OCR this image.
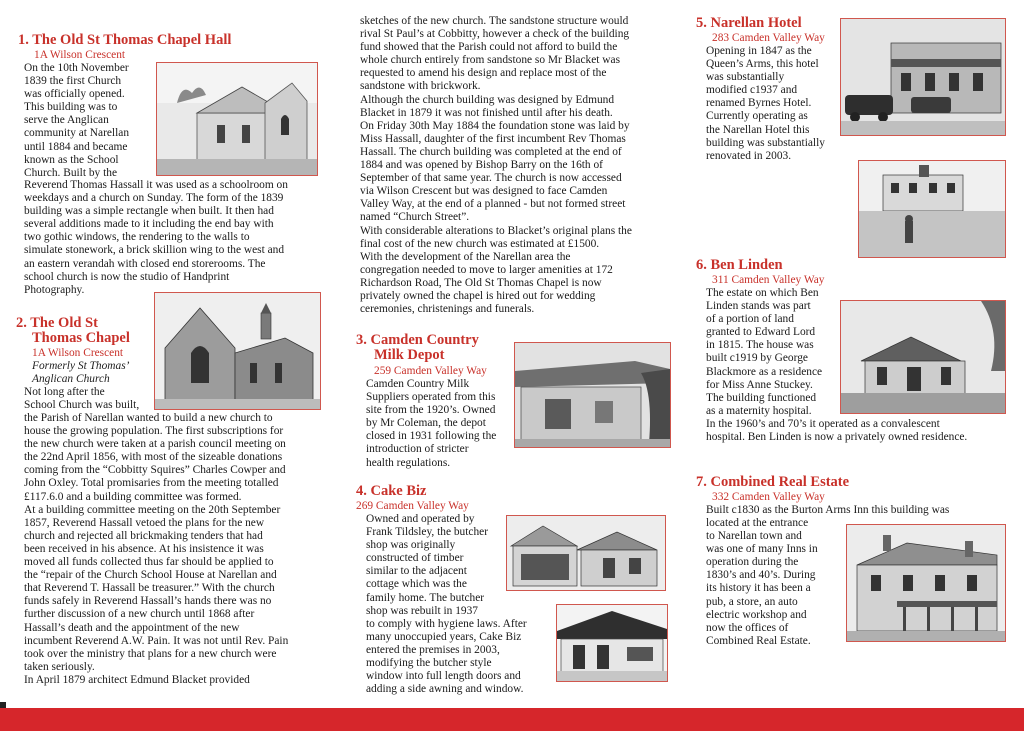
1. The Old St Thomas Chapel Hall

1A Wilson Crescent

On the 10th November
1839 the first Church
was officially opened.
This building was to
serve the Anglican
community at Narellan
until 1884 and became
known as the School
Church. Built by the

Reverend Thomas Hassall it was used as a schoolroom on
weekdays and a church on Sunday. The form of the 1839
building was a simple rectangle when built. It then had
several additions made to it including the end bay with
two gothic windows, the rendering to the walls to
simulate stonework, a brick skillion wing to the west and
an eastern verandah with closed end storerooms. The
school church is now the studio of Handprint
Photography.

2. The Old St

Thomas Chapel

1A Wilson Crescent

Formerly St Thomas’

Anglican Church

Not long after the
School Church was built,

the Parish of Narellan wanted to build a new church to
house the growing population. The first subscriptions for
the new church were taken at a parish council meeting on
the 22nd April 1856, with most of the sizeable donations
coming from the “Cobbitty Squires” Charles Cowper and
John Oxley. Total promisaries from the meeting totalled
£117.6.0 and a building committee was formed.
At a building committee meeting on the 20th September
1857, Reverend Hassall vetoed the plans for the new
church and rejected all brickmaking tenders that had
been received in his absence. At his insistence it was
moved all funds collected thus far should be applied to
the “repair of the Church School House at Narellan and
that Reverend T. Hassall be treasurer.” With the church
funds safely in Reverend Hassall’s hands there was no
further discussion of a new church until 1868 after
Hassall’s death and the appointment of the new
incumbent Reverend A.W. Pain. It was not until Rev. Pain
took over the ministry that plans for a new church were
taken seriously.
In April 1879 architect Edmund Blacket provided

sketches of the new church. The sandstone structure would
rival St Paul’s at Cobbitty, however a check of the building
fund showed that the Parish could not afford to build the
whole church entirely from sandstone so Mr Blacket was
requested to amend his design and replace most of the
sandstone with brickwork.
Although the church building was designed by Edmund
Blacket in 1879 it was not finished until after his death.
On Friday 30th May 1884 the foundation stone was laid by
Miss Hassall, daughter of the first incumbent Rev Thomas
Hassall. The church building was completed at the end of
1884 and was opened by Bishop Barry on the 16th of
September of that same year. The church is now accessed
via Wilson Crescent but was designed to face Camden
Valley Way, at the end of a planned - but not formed street
named “Church Street”.
With considerable alterations to Blacket’s original plans the
final cost of the new church was estimated at £1500.
With the development of the Narellan area the
congregation needed to move to larger amenities at 172
Richardson Road, The Old St Thomas Chapel is now
privately owned the chapel is hired out for wedding
ceremonies, christenings and funerals.

3. Camden Country

Milk Depot

259 Camden Valley Way

Camden Country Milk
Suppliers operated from this
site from the 1920’s. Owned
by Mr Coleman, the depot
closed in 1931 following the
introduction of stricter
health regulations.

4. Cake Biz

269 Camden Valley Way

Owned and operated by
Frank Tildsley, the butcher
shop was originally
constructed of timber
similar to the adjacent
cottage which was the
family home. The butcher
shop was rebuilt in 1937
to comply with hygiene laws. After
many unoccupied years, Cake Biz
entered the premises in 2003,
modifying the butcher style
window into full length doors and
adding a side awning and window.

5. Narellan Hotel

283 Camden Valley Way

Opening in 1847 as the
Queen’s Arms, this hotel
was substantially
modified c1937 and
renamed Byrnes Hotel.
Currently operating as
the Narellan Hotel this
building was substantially
renovated in 2003.

6. Ben Linden

311 Camden Valley Way

The estate on which Ben
Linden stands was part
of a portion of land
granted to Edward Lord
in 1815. The house was
built c1919 by George
Blackmore as a residence
for Miss Anne Stuckey.
The building functioned
as a maternity hospital.

In the 1960’s and 70’s it operated as a convalescent
hospital. Ben Linden is now a privately owned residence.

7. Combined Real Estate

332 Camden Valley Way

Built c1830 as the Burton Arms Inn this building was

located at the entrance
to Narellan town and
was one of many Inns in
operation during the
1830’s and 40’s. During
its history it has been a
pub, a store, an auto
electric workshop and
now the offices of
Combined Real Estate.
